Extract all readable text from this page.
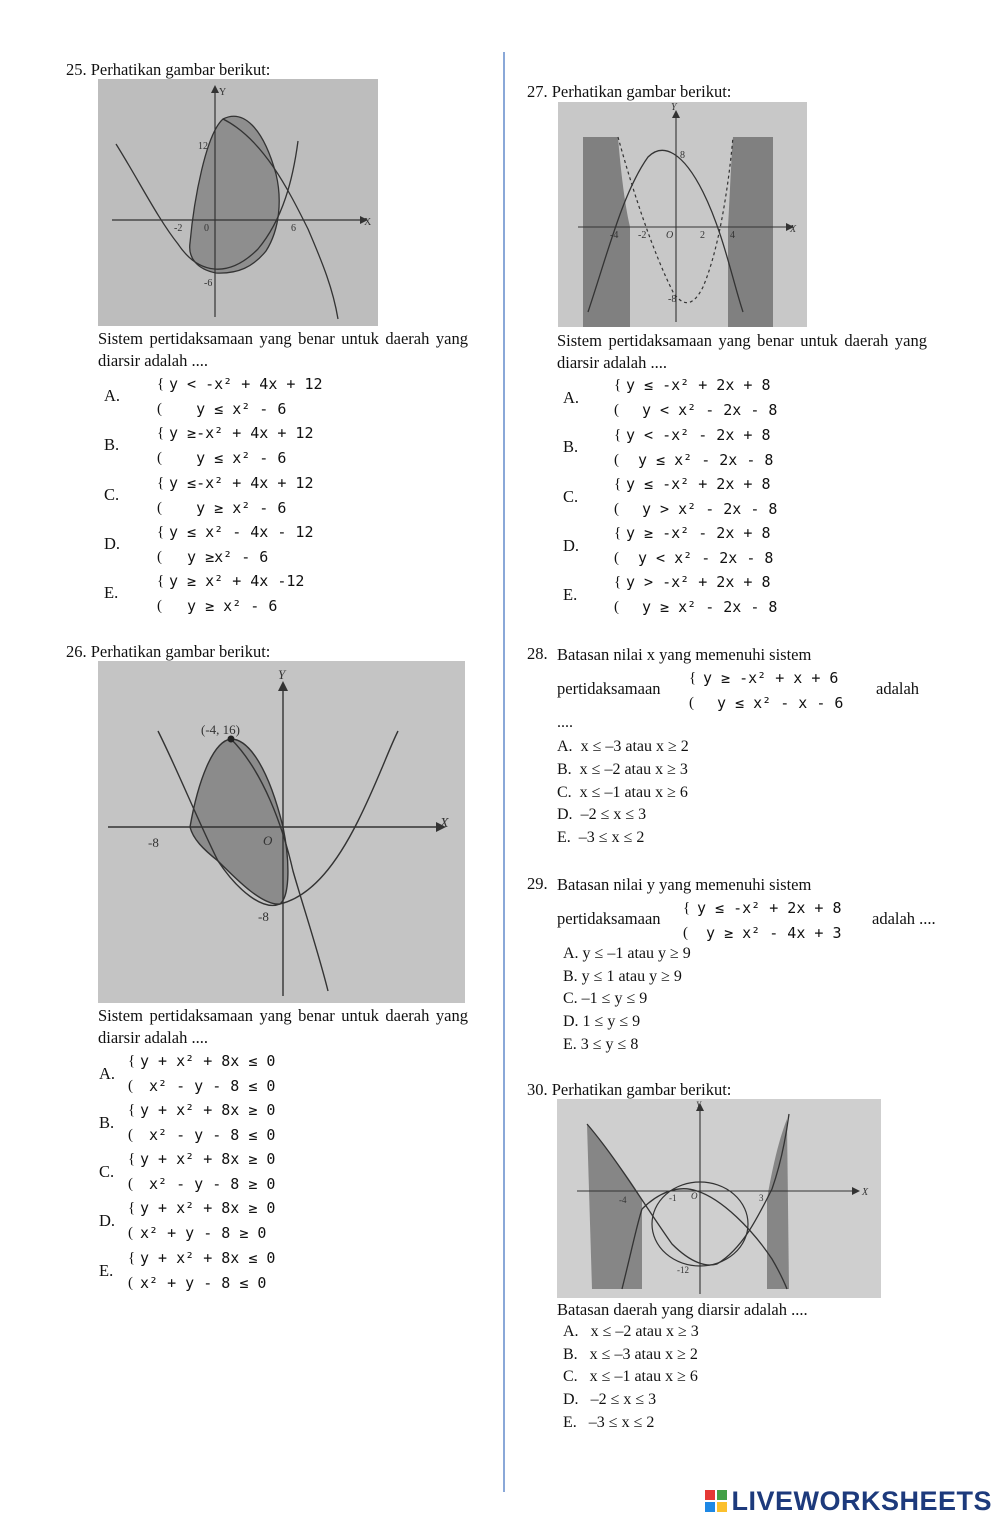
25. Perhatikan gambar berikut:
Y
X
12
-2 0	6
-6
Sistem pertidaksamaan yang benar untuk daerah yang diarsir adalah ....
A.
{
(
y < -x² + 4x + 12
y ≤ x² - 6
B.
{
(
y ≥-x² + 4x + 12
y ≤ x² - 6
C.
{
(
y ≤-x² + 4x + 12
y ≥ x² - 6
D.
{
(
y ≤ x² - 4x - 12
y ≥x² - 6
E.
{
(
y ≥ x² + 4x -12
y ≥ x² - 6
26. Perhatikan gambar berikut:
Y
X
(-4, 16)
-8	O
-8
Sistem pertidaksamaan yang benar untuk daerah yang diarsir adalah ....
A.
{
(
y + x² + 8x ≤ 0
x² - y - 8 ≤ 0
B.
{
(
y + x² + 8x ≥ 0
x² - y - 8 ≤ 0
C.
{
(
y + x² + 8x ≥ 0
x² - y - 8 ≥ 0
D.
{
(
y + x² + 8x ≥ 0
x² + y - 8 ≥ 0
E.
{
(
y + x² + 8x ≤ 0
x² + y - 8 ≤ 0
27. Perhatikan gambar berikut:
Y
X
8
-4 -2 O	2	4
-8
Sistem pertidaksamaan yang benar untuk daerah yang diarsir adalah ....
A.
{
(
y ≤ -x² + 2x + 8
y < x² - 2x - 8
B.
{
(
y < -x² - 2x + 8
y ≤ x² - 2x - 8
C.
{
(
y ≤ -x² + 2x + 8
y > x² - 2x - 8
D.
{
(
y ≥ -x² - 2x + 8
y < x² - 2x - 8
E.
{
(
y > -x² + 2x + 8
y ≥ x² - 2x - 8
28. Batasan nilai x yang memenuhi sistem
pertidaksamaan
{
(
y ≥ -x² + x + 6
y ≤ x² - x - 6
adalah
....
A. x ≤ –3 atau x ≥ 2
B. x ≤ –2 atau x ≥ 3
C. x ≤ –1 atau x ≥ 6
D. –2 ≤ x ≤ 3
E. –3 ≤ x ≤ 2
29. Batasan nilai y yang memenuhi sistem
pertidaksamaan
{
(
y ≤ -x² + 2x + 8
y ≥ x² - 4x + 3
adalah ....
A. y ≤ –1 atau y ≥ 9
B. y ≤ 1 atau y ≥ 9
C. –1 ≤ y ≤ 9
D. 1 ≤ y ≤ 9
E. 3 ≤ y ≤ 8
30. Perhatikan gambar berikut:
Y
X
-4	-1 O	3
-12
Batasan daerah yang diarsir adalah ....
A. x ≤ –2 atau x ≥ 3
B. x ≤ –3 atau x ≥ 2
C. x ≤ –1 atau x ≥ 6
D. –2 ≤ x ≤ 3
E. –3 ≤ x ≤ 2
LIVEWORKSHEETS
